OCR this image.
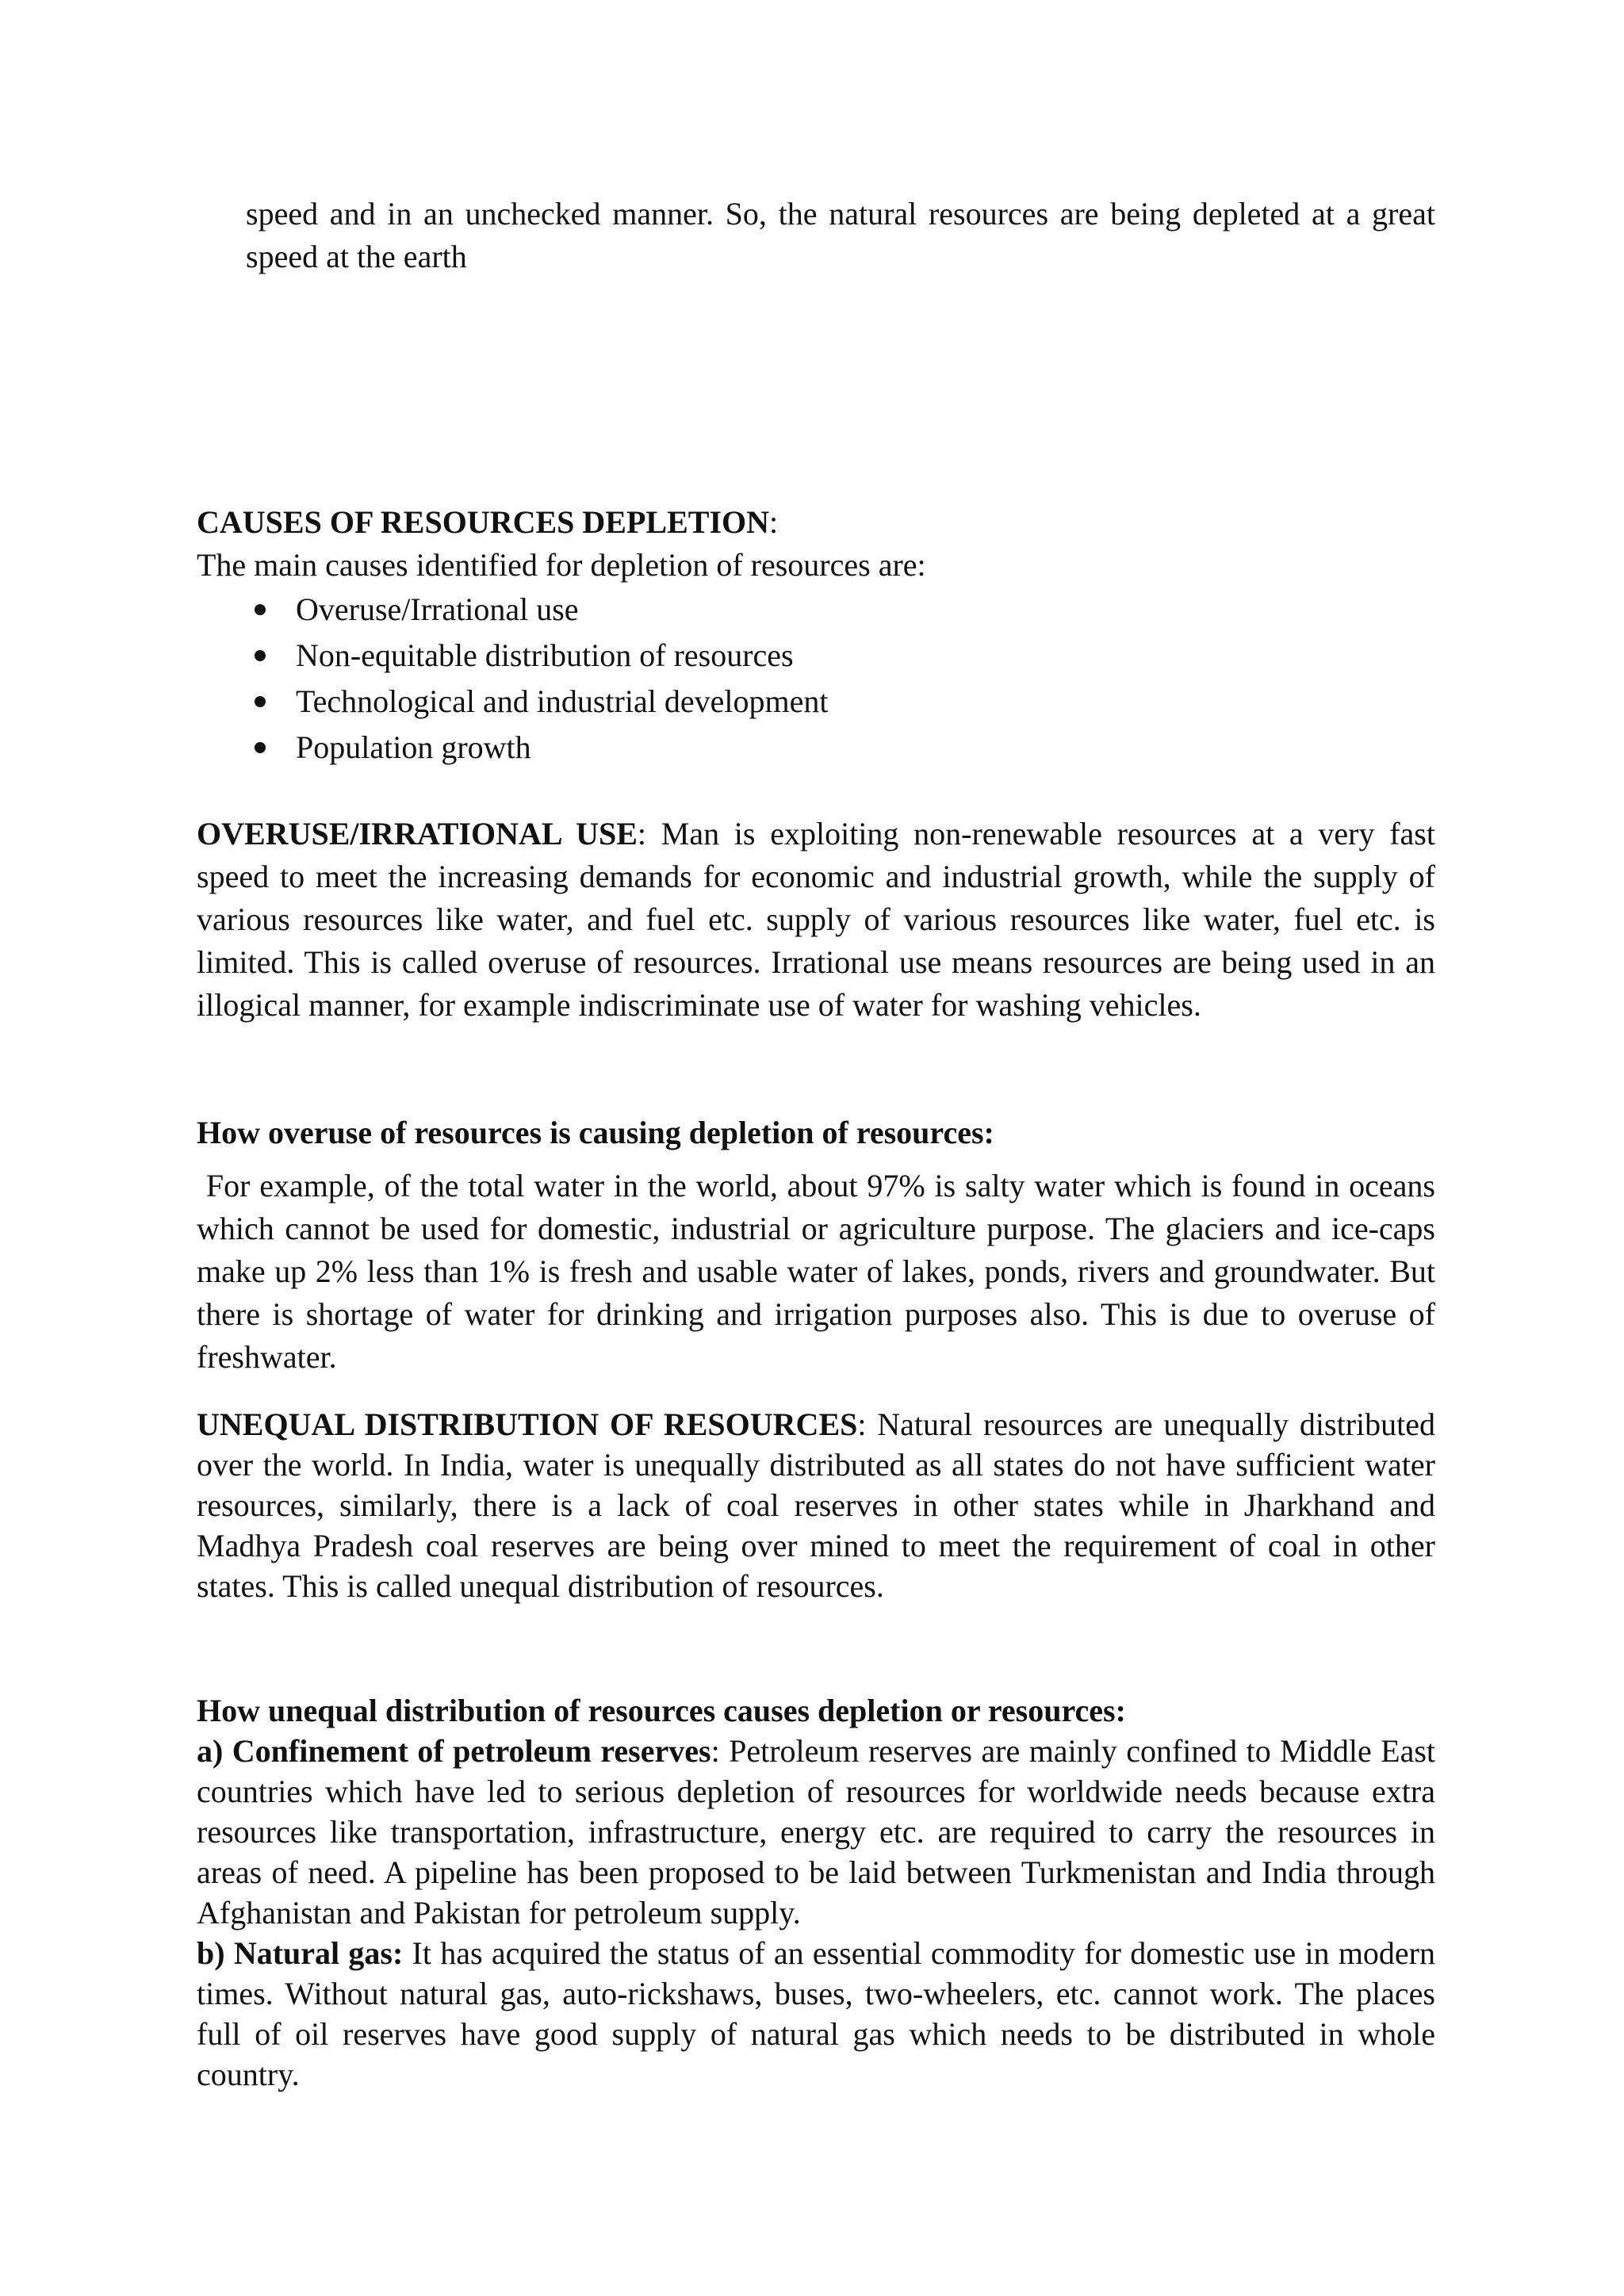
speed and in an unchecked manner. So, the natural resources are being depleted at a great speed at the earth

CAUSES OF RESOURCES DEPLETION:
The main causes identified for depletion of resources are:
Overuse/Irrational use
Non-equitable distribution of resources
Technological and industrial development
Population growth

OVERUSE/IRRATIONAL USE: Man is exploiting non-renewable resources at a very fast speed to meet the increasing demands for economic and industrial growth, while the supply of various resources like water, and fuel etc. supply of various resources like water, fuel etc. is limited. This is called overuse of resources. Irrational use means resources are being used in an illogical manner, for example indiscriminate use of water for washing vehicles.

How overuse of resources is causing depletion of resources:

For example, of the total water in the world, about 97% is salty water which is found in oceans which cannot be used for domestic, industrial or agriculture purpose. The glaciers and ice-caps make up 2% less than 1% is fresh and usable water of lakes, ponds, rivers and groundwater. But there is shortage of water for drinking and irrigation purposes also. This is due to overuse of freshwater.

UNEQUAL DISTRIBUTION OF RESOURCES: Natural resources are unequally distributed over the world. In India, water is unequally distributed as all states do not have sufficient water resources, similarly, there is a lack of coal reserves in other states while in Jharkhand and Madhya Pradesh coal reserves are being over mined to meet the requirement of coal in other states. This is called unequal distribution of resources.

How unequal distribution of resources causes depletion or resources:

a) Confinement of petroleum reserves: Petroleum reserves are mainly confined to Middle East countries which have led to serious depletion of resources for worldwide needs because extra resources like transportation, infrastructure, energy etc. are required to carry the resources in areas of need. A pipeline has been proposed to be laid between Turkmenistan and India through Afghanistan and Pakistan for petroleum supply.

b) Natural gas: It has acquired the status of an essential commodity for domestic use in modern times. Without natural gas, auto-rickshaws, buses, two-wheelers, etc. cannot work. The places full of oil reserves have good supply of natural gas which needs to be distributed in whole country.
